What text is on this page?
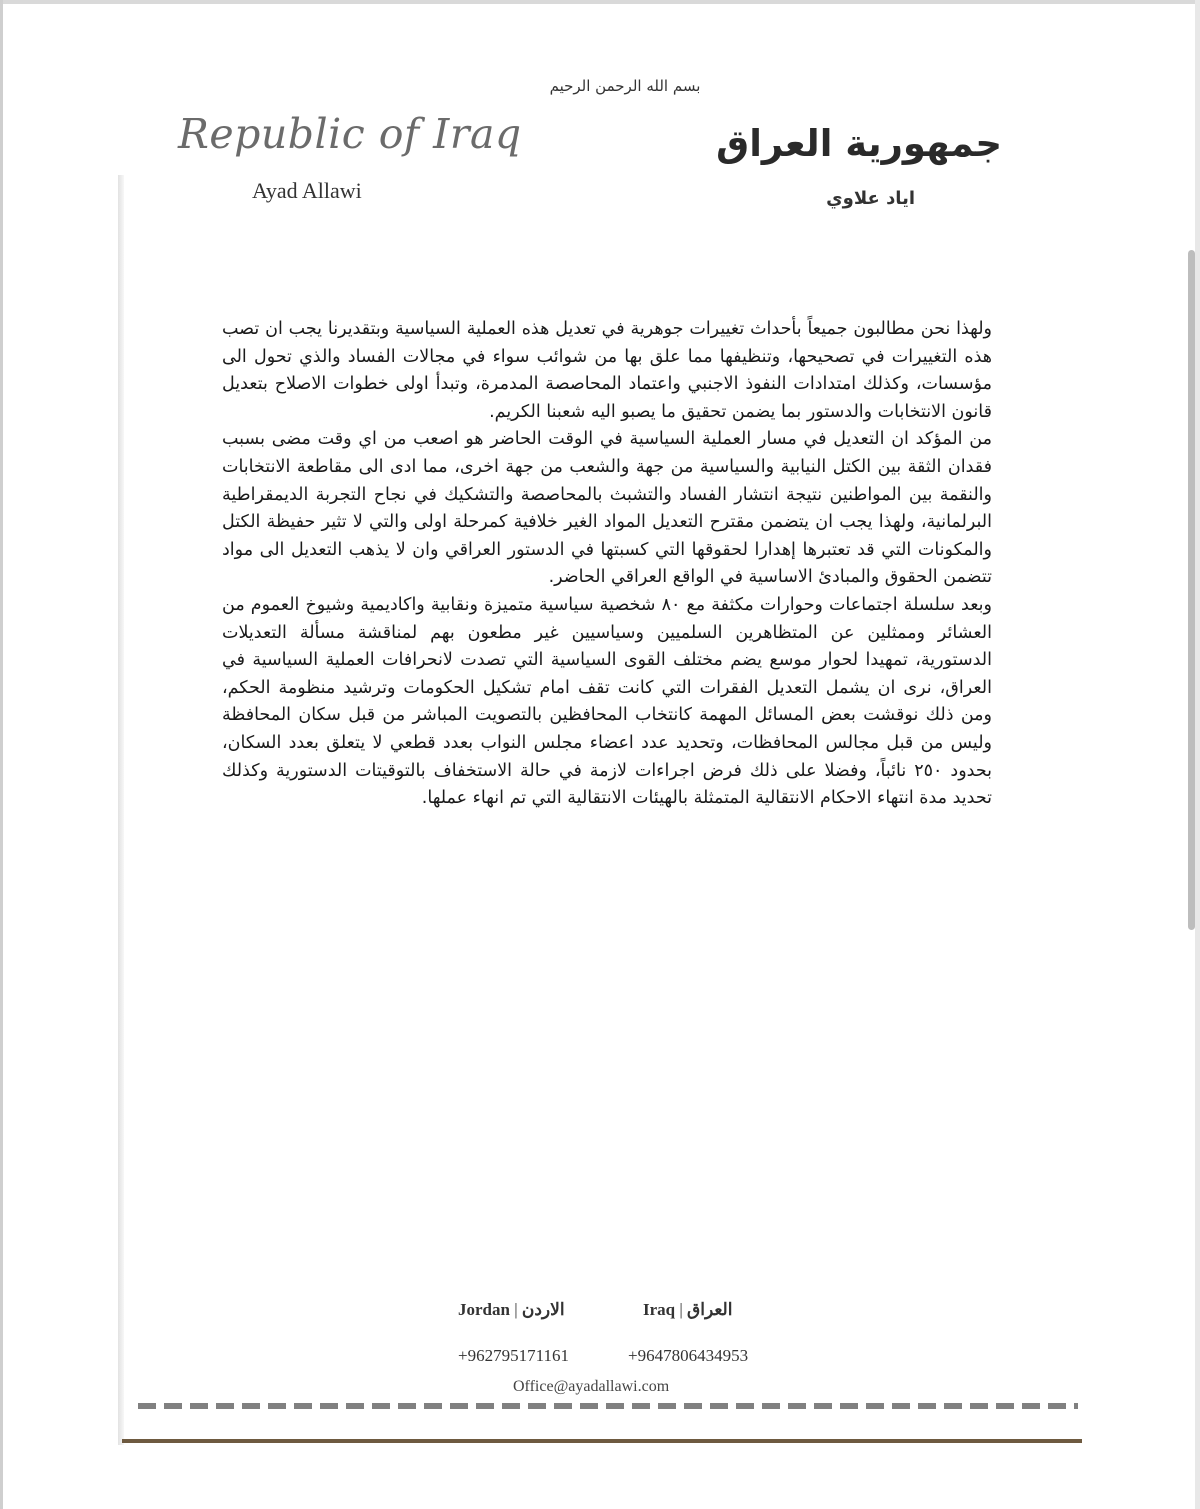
بسم الله الرحمن الرحيم
Republic of Iraq
Ayad Allawi
جمهورية العراق
اياد علاوي

ولهذا نحن مطالبون جميعاً بأحداث تغييرات جوهرية في تعديل هذه العملية السياسية وبتقديرنا يجب ان تصب هذه التغييرات في تصحيحها، وتنظيفها مما علق بها من شوائب سواء في مجالات الفساد والذي تحول الى مؤسسات، وكذلك امتدادات النفوذ الاجنبي واعتماد المحاصصة المدمرة، وتبدأ اولى خطوات الاصلاح بتعديل قانون الانتخابات والدستور بما يضمن تحقيق ما يصبو اليه شعبنا الكريم.

من المؤكد ان التعديل في مسار العملية السياسية في الوقت الحاضر هو اصعب من اي وقت مضى بسبب فقدان الثقة بين الكتل النيابية والسياسية من جهة والشعب من جهة اخرى، مما ادى الى مقاطعة الانتخابات والنقمة بين المواطنين نتيجة انتشار الفساد والتشبث بالمحاصصة والتشكيك في نجاح التجربة الديمقراطية البرلمانية، ولهذا يجب ان يتضمن مقترح التعديل المواد الغير خلافية كمرحلة اولى والتي لا تثير حفيظة الكتل والمكونات التي قد تعتبرها إهدارا لحقوقها التي كسبتها في الدستور العراقي وان لا يذهب التعديل الى مواد تتضمن الحقوق والمبادئ الاساسية في الواقع العراقي الحاضر.

وبعد سلسلة اجتماعات وحوارات مكثفة مع ٨٠ شخصية سياسية متميزة ونقابية واكاديمية وشيوخ العموم من العشائر وممثلين عن المتظاهرين السلميين وسياسيين غير مطعون بهم لمناقشة مسألة التعديلات الدستورية، تمهيدا لحوار موسع يضم مختلف القوى السياسية التي تصدت لانحرافات العملية السياسية في العراق، نرى ان يشمل التعديل الفقرات التي كانت تقف امام تشكيل الحكومات وترشيد منظومة الحكم، ومن ذلك نوقشت بعض المسائل المهمة كانتخاب المحافظين بالتصويت المباشر من قبل سكان المحافظة وليس من قبل مجالس المحافظات، وتحديد عدد اعضاء مجلس النواب بعدد قطعي لا يتعلق بعدد السكان، بحدود ٢٥٠ نائباً، وفضلا على ذلك فرض اجراءات لازمة في حالة الاستخفاف بالتوقيتات الدستورية وكذلك تحديد مدة انتهاء الاحكام الانتقالية المتمثلة بالهيئات الانتقالية التي تم انهاء عملها.

Jordan | الاردن	Iraq | العراق
+962795171161	+9647806434953
Office@ayadallawi.com
